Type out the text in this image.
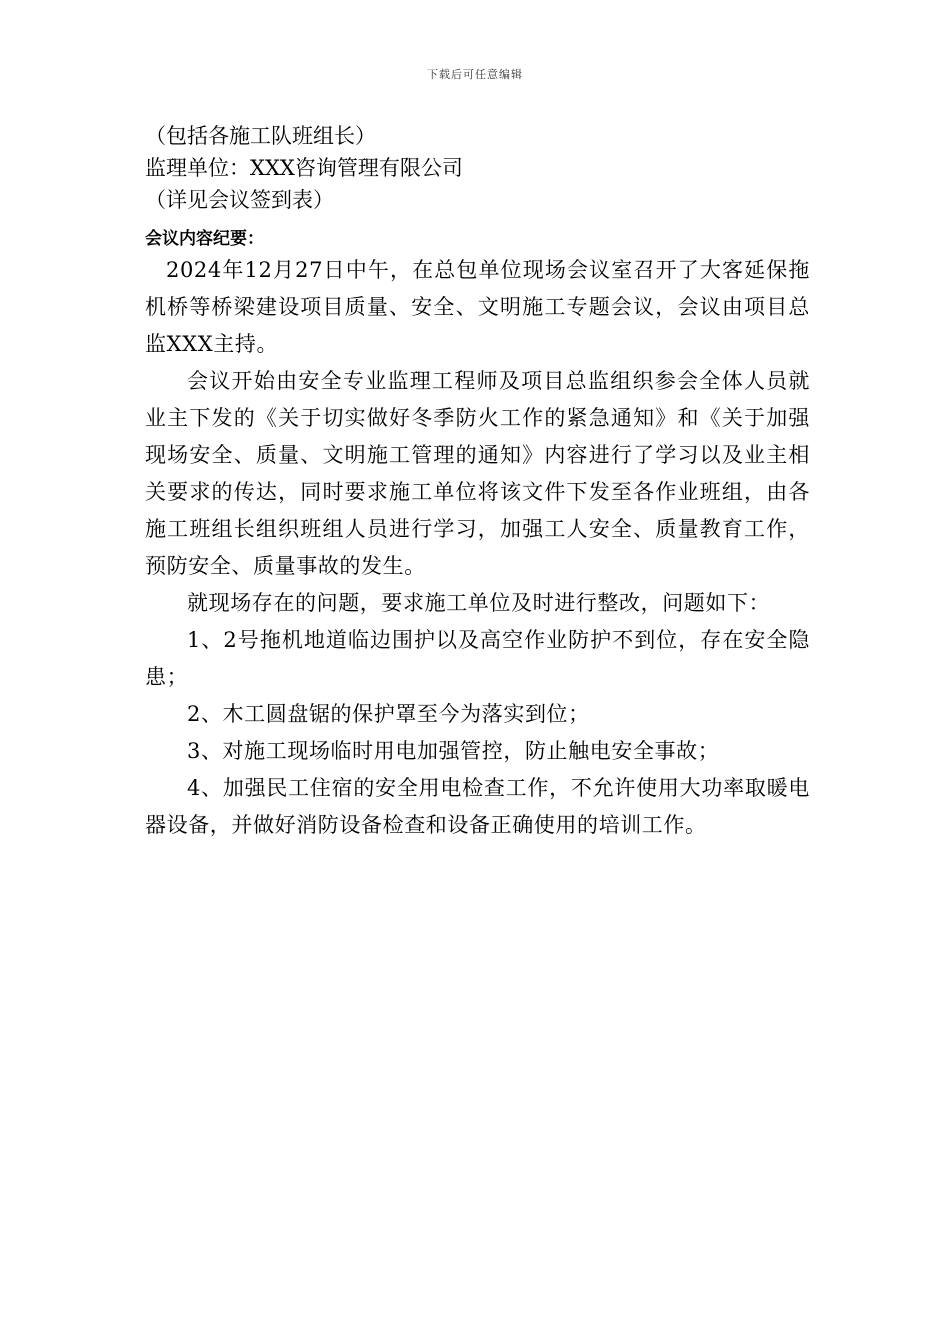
下载后可任意编辑

（包括各施工队班组长）

监理单位：XXX咨询管理有限公司

（详见会议签到表）

会议内容纪要：

2024年12月27日中午，在总包单位现场会议室召开了大客延保拖机桥等桥梁建设项目质量、安全、文明施工专题会议，会议由项目总监XXX主持。

会议开始由安全专业监理工程师及项目总监组织参会全体人员就业主下发的《关于切实做好冬季防火工作的紧急通知》和《关于加强现场安全、质量、文明施工管理的通知》内容进行了学习以及业主相关要求的传达，同时要求施工单位将该文件下发至各作业班组，由各施工班组长组织班组人员进行学习，加强工人安全、质量教育工作，预防安全、质量事故的发生。

就现场存在的问题，要求施工单位及时进行整改，问题如下：

1、2号拖机地道临边围护以及高空作业防护不到位，存在安全隐患；

2、木工圆盘锯的保护罩至今为落实到位；

3、对施工现场临时用电加强管控，防止触电安全事故；

4、加强民工住宿的安全用电检查工作，不允许使用大功率取暖电器设备，并做好消防设备检查和设备正确使用的培训工作。
